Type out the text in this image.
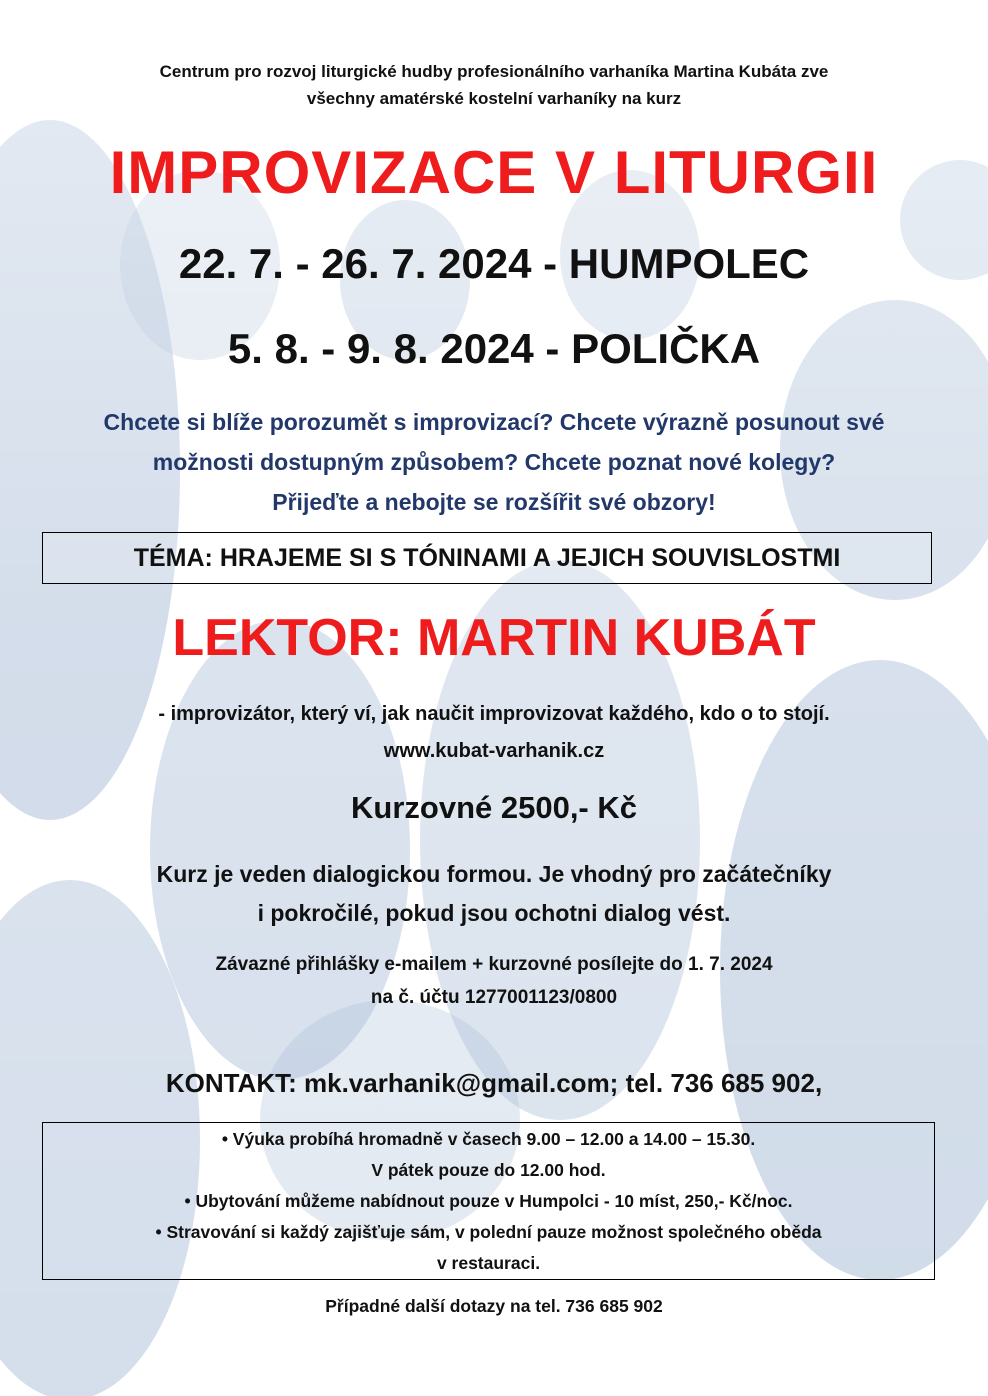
Centrum pro rozvoj liturgické hudby profesionálního varhaníka Martina Kubáta zve
všechny amatérské kostelní varhaníky na kurz
IMPROVIZACE V LITURGII
22. 7. - 26. 7. 2024 - HUMPOLEC
5. 8. - 9. 8. 2024 - POLIČKA
Chcete si blíže porozumět s improvizací? Chcete výrazně posunout své
možnosti dostupným způsobem? Chcete poznat nové kolegy?
Přijeďte a nebojte se rozšířit své obzory!
TÉMA: HRAJEME SI S TÓNINAMI A JEJICH SOUVISLOSTMI
LEKTOR: MARTIN KUBÁT
- improvizátor, který ví, jak naučit improvizovat každého, kdo o to stojí.
www.kubat-varhanik.cz
Kurzovné 2500,- Kč
Kurz je veden dialogickou formou. Je vhodný pro začátečníky
i pokročilé, pokud jsou ochotni dialog vést.
Závazné přihlášky e-mailem + kurzovné posílejte do 1. 7. 2024
na č. účtu 1277001123/0800
KONTAKT: mk.varhanik@gmail.com; tel. 736 685 902,
• Výuka probíhá hromadně v časech 9.00 – 12.00 a 14.00 – 15.30.
V pátek pouze do 12.00 hod.
• Ubytování můžeme nabídnout pouze v Humpolci - 10 míst, 250,- Kč/noc.
• Stravování si každý zajišťuje sám, v polední pauze možnost společného oběda
v restauraci.
Případné další dotazy na tel. 736 685 902
